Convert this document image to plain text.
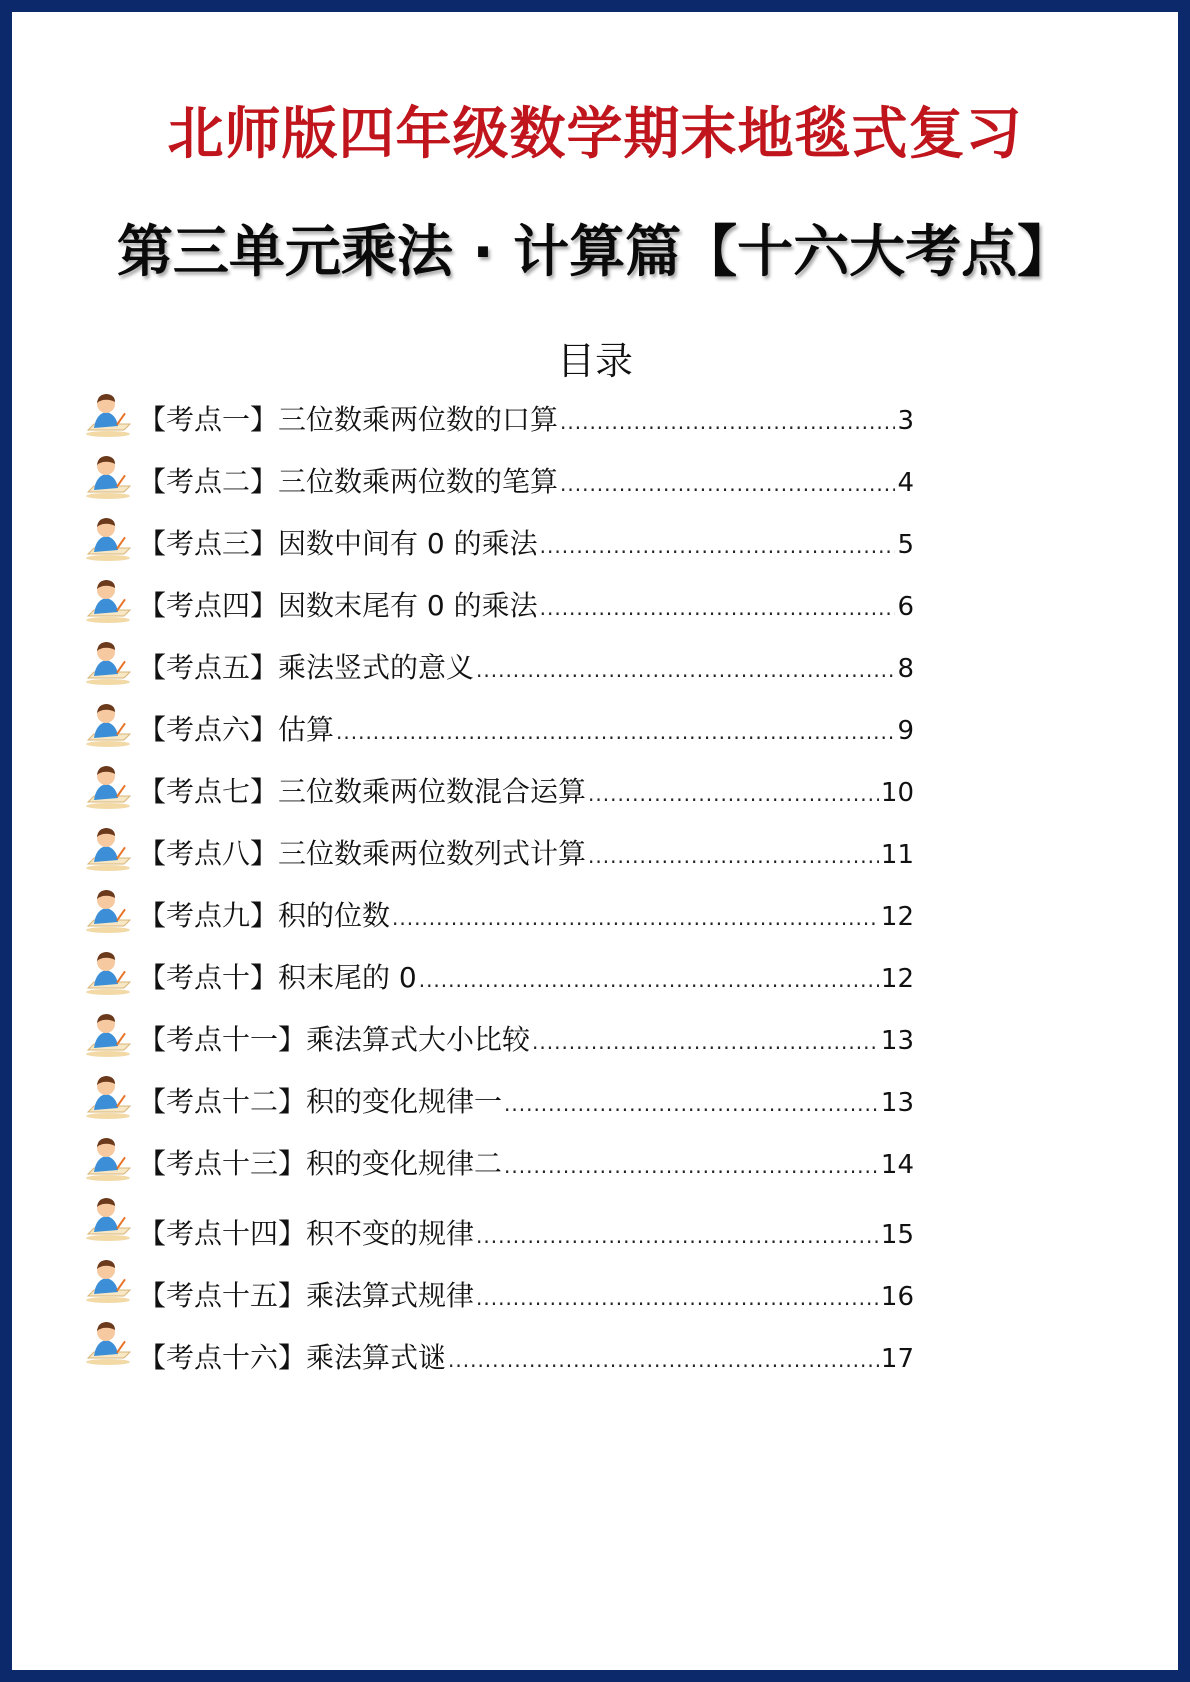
北师版四年级数学期末地毯式复习
第三单元乘法 · 计算篇【十六大考点】
目录
【考点一】三位数乘两位数的口算 .....	3
【考点二】三位数乘两位数的笔算 .....	4
【考点三】因数中间有 0 的乘法 .....	5
【考点四】因数末尾有 0 的乘法 .....	6
【考点五】乘法竖式的意义 .....	8
【考点六】估算 .....	9
【考点七】三位数乘两位数混合运算 .....	10
【考点八】三位数乘两位数列式计算 .....	11
【考点九】积的位数 .....	12
【考点十】积末尾的 0 .....	12
【考点十一】乘法算式大小比较 .....	13
【考点十二】积的变化规律一 .....	13
【考点十三】积的变化规律二 .....	14
【考点十四】积不变的规律 .....	15
【考点十五】乘法算式规律 .....	16
【考点十六】乘法算式谜 .....	17
